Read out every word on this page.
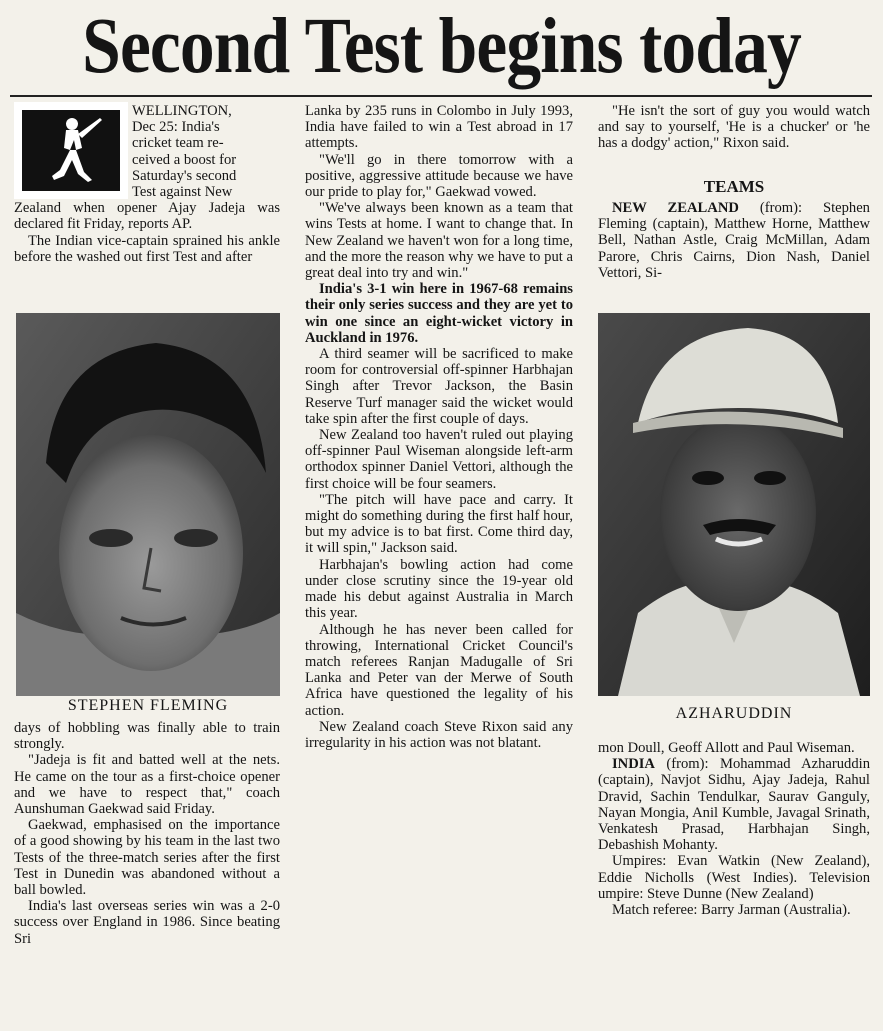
Second Test begins today
WELLINGTON,
Dec 25: India's
cricket team re-
ceived a boost for
Saturday's second
Test against New

Zealand when opener Ajay Jadeja was declared fit Friday, reports AP.

The Indian vice-captain sprained his ankle before the washed out first Test and after

STEPHEN FLEMING

days of hobbling was finally able to train strongly.

"Jadeja is fit and batted well at the nets. He came on the tour as a first-choice opener and we have to respect that," coach Aunshuman Gaekwad said Friday.

Gaekwad, emphasised on the importance of a good showing by his team in the last two Tests of the three-match series after the first Test in Dunedin was abandoned without a ball bowled.

India's last overseas series win was a 2-0 success over England in 1986. Since beating Sri

Lanka by 235 runs in Colombo in July 1993, India have failed to win a Test abroad in 17 attempts.

"We'll go in there tomorrow with a positive, aggressive attitude because we have our pride to play for," Gaekwad vowed.

"We've always been known as a team that wins Tests at home. I want to change that. In New Zealand we haven't won for a long time, and the more the reason why we have to put a great deal into try and win."

India's 3-1 win here in 1967-68 remains their only series success and they are yet to win one since an eight-wicket victory in Auckland in 1976.

A third seamer will be sacrificed to make room for controversial off-spinner Harbhajan Singh after Trevor Jackson, the Basin Reserve Turf manager said the wicket would take spin after the first couple of days.

New Zealand too haven't ruled out playing off-spinner Paul Wiseman alongside left-arm orthodox spinner Daniel Vettori, although the first choice will be four seamers.

"The pitch will have pace and carry. It might do something during the first half hour, but my advice is to bat first. Come third day, it will spin," Jackson said.

Harbhajan's bowling action had come under close scrutiny since the 19-year old made his debut against Australia in March this year.

Although he has never been called for throwing, International Cricket Council's match referees Ranjan Madugalle of Sri Lanka and Peter van der Merwe of South Africa have questioned the legality of his action.

New Zealand coach Steve Rixon said any irregularity in his action was not blatant.

"He isn't the sort of guy you would watch and say to yourself, 'He is a chucker' or 'he has a dodgy' action," Rixon said.

TEAMS

NEW ZEALAND (from): Stephen Fleming (captain), Matthew Horne, Matthew Bell, Nathan Astle, Craig McMillan, Adam Parore, Chris Cairns, Dion Nash, Daniel Vettori, Si-

AZHARUDDIN

mon Doull, Geoff Allott and Paul Wiseman.

INDIA (from): Mohammad Azharuddin (captain), Navjot Sidhu, Ajay Jadeja, Rahul Dravid, Sachin Tendulkar, Saurav Ganguly, Nayan Mongia, Anil Kumble, Javagal Srinath, Venkatesh Prasad, Harbhajan Singh, Debashish Mohanty.

Umpires: Evan Watkin (New Zealand), Eddie Nicholls (West Indies). Television umpire: Steve Dunne (New Zealand)

Match referee: Barry Jarman (Australia).
